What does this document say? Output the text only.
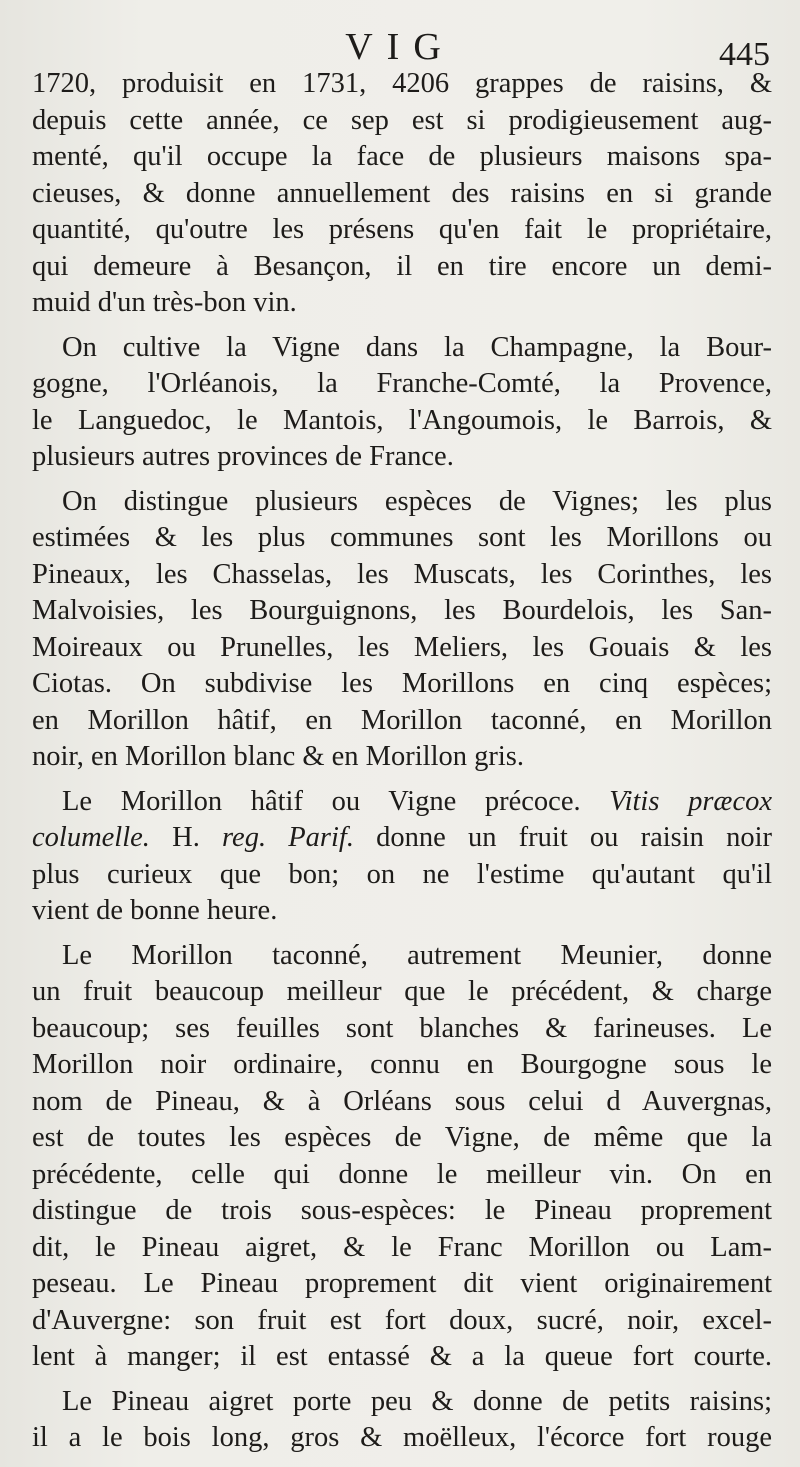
VIG	445
1720, produisit en 1731, 4206 grappes de raisins, &
depuis cette année, ce sep est si prodigieusement aug-
menté, qu'il occupe la face de plusieurs maisons spa-
cieuses, & donne annuellement des raisins en si grande
quantité, qu'outre les présens qu'en fait le propriétaire,
qui demeure à Besançon, il en tire encore un demi-
muid d'un très-bon vin.
On cultive la Vigne dans la Champagne, la Bour-
gogne, l'Orléanois, la Franche-Comté, la Provence,
le Languedoc, le Mantois, l'Angoumois, le Barrois, &
plusieurs autres provinces de France.
On distingue plusieurs espèces de Vignes; les plus
estimées & les plus communes sont les Morillons ou
Pineaux, les Chasselas, les Muscats, les Corinthes, les
Malvoisies, les Bourguignons, les Bourdelois, les San-
Moireaux ou Prunelles, les Meliers, les Gouais & les
Ciotas. On subdivise les Morillons en cinq espèces;
en Morillon hâtif, en Morillon taconné, en Morillon
noir, en Morillon blanc & en Morillon gris.
Le Morillon hâtif ou Vigne précoce. Vitis præcox
columelle. H. reg. Parif. donne un fruit ou raisin noir
plus curieux que bon; on ne l'estime qu'autant qu'il
vient de bonne heure.
Le Morillon taconné, autrement Meunier, donne
un fruit beaucoup meilleur que le précédent, & charge
beaucoup; ses feuilles sont blanches & farineuses. Le
Morillon noir ordinaire, connu en Bourgogne sous le
nom de Pineau, & à Orléans sous celui d Auvergnas,
est de toutes les espèces de Vigne, de même que la
précédente, celle qui donne le meilleur vin. On en
distingue de trois sous-espèces: le Pineau proprement
dit, le Pineau aigret, & le Franc Morillon ou Lam-
peseau. Le Pineau proprement dit vient originairement
d'Auvergne: son fruit est fort doux, sucré, noir, excel-
lent à manger; il est entassé & a la queue fort courte.
Le Pineau aigret porte peu & donne de petits raisins;
il a le bois long, gros & moëlleux, l'écorce fort rouge
